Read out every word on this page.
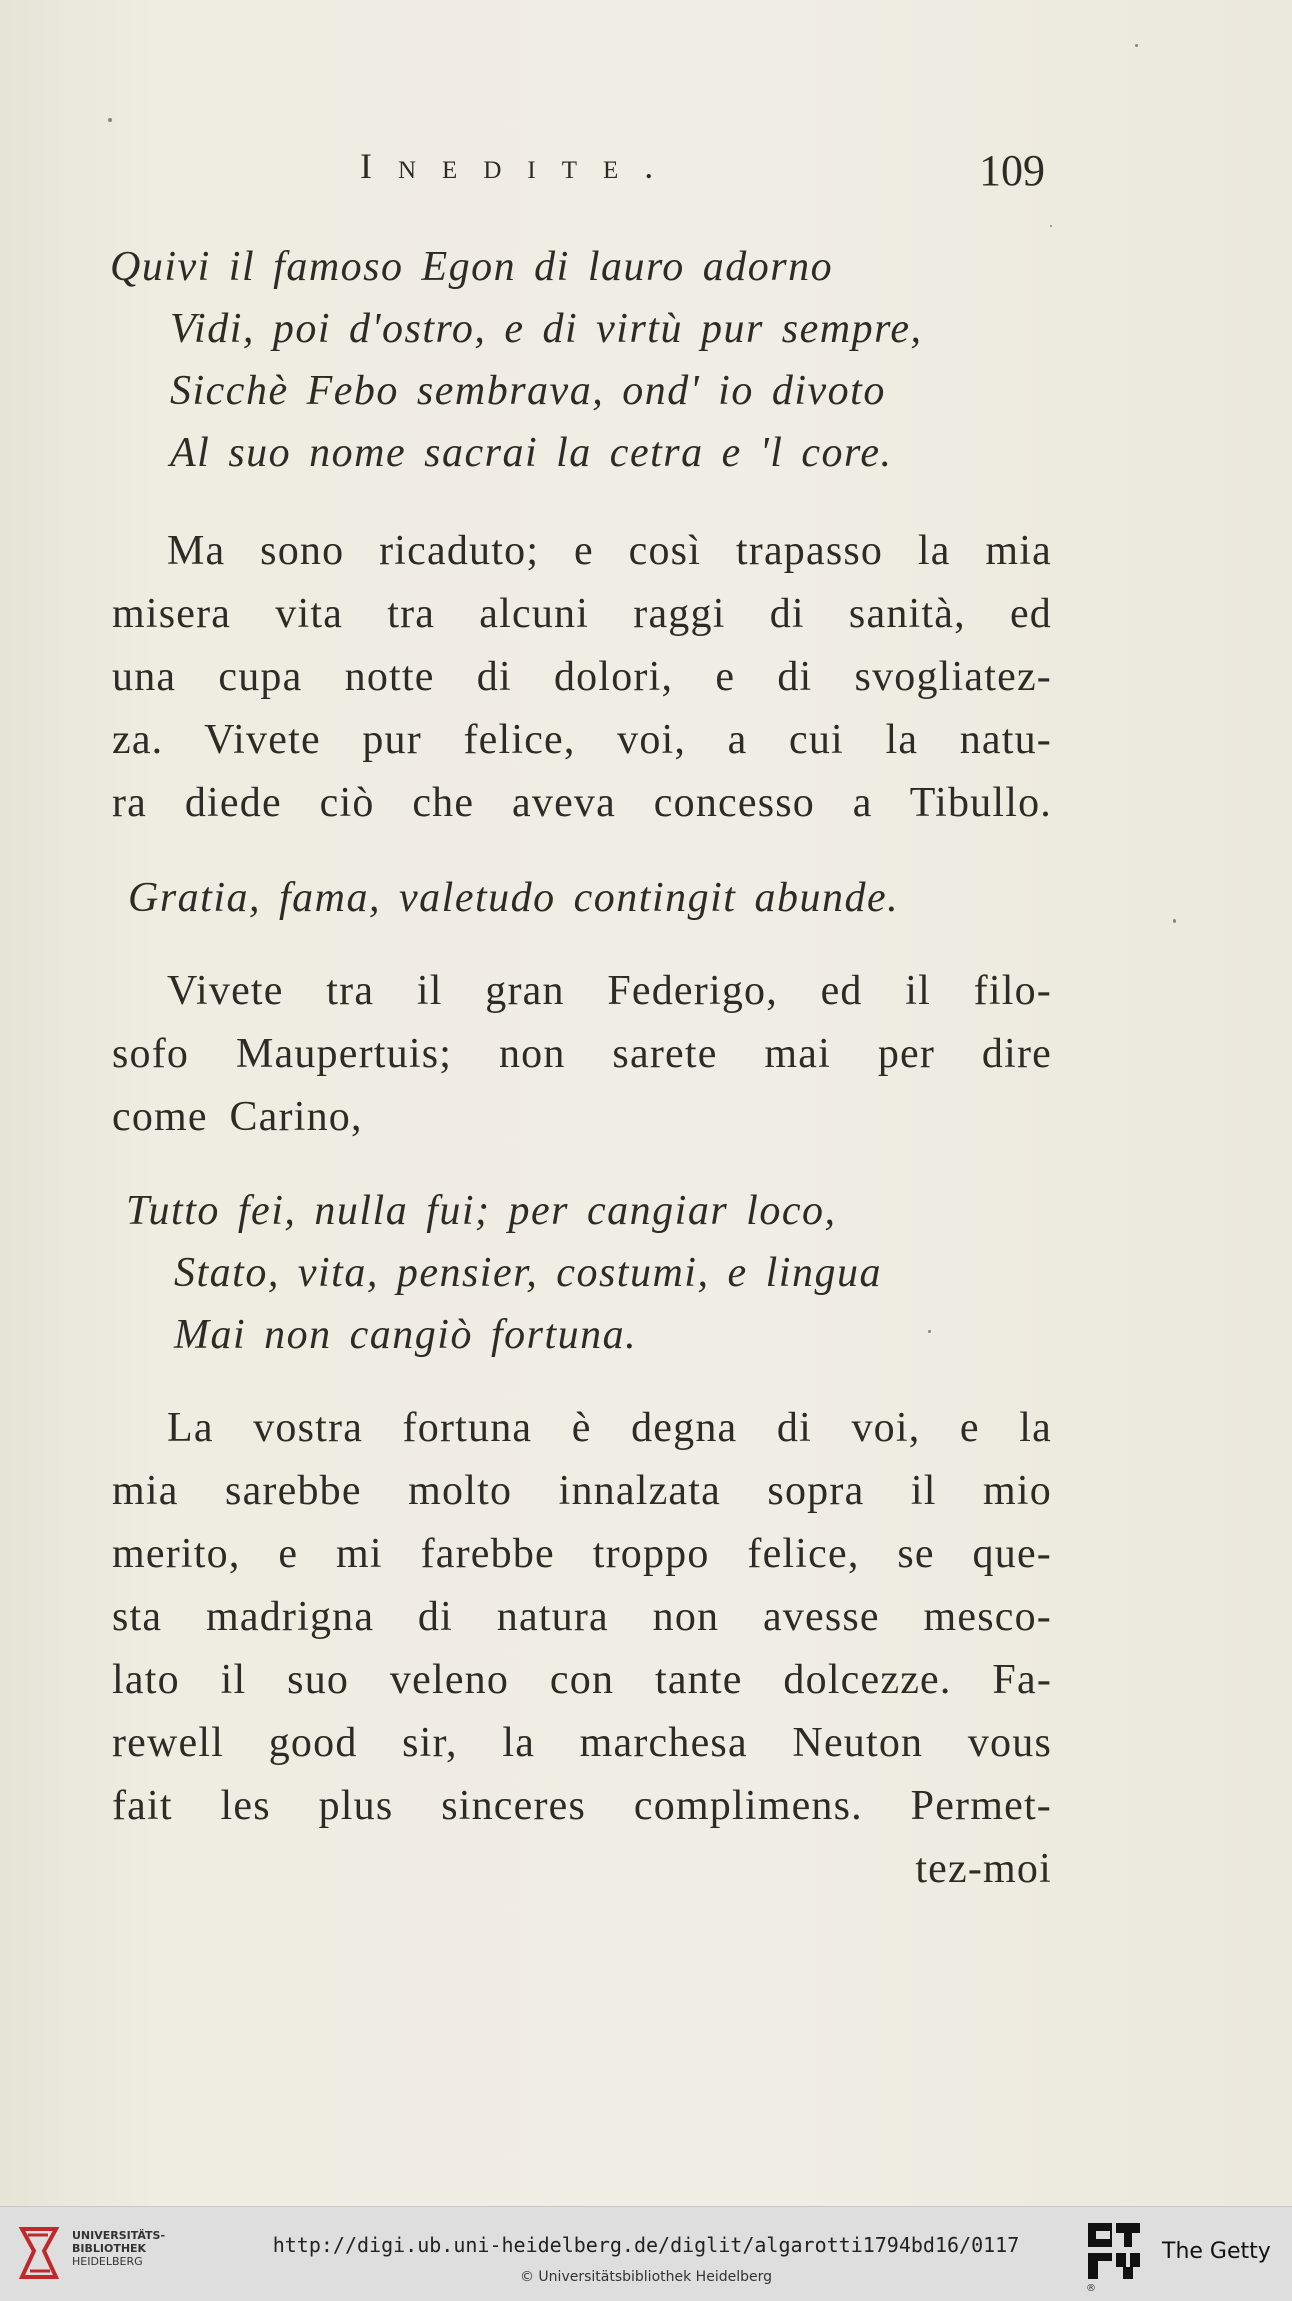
Inedite.	109
Quivi il famoso Egon di lauro adorno
Vidi, poi d'ostro, e di virtù pur sempre,
Sicchè Febo sembrava, ond' io divoto
Al suo nome sacrai la cetra e 'l core.
Ma sono ricaduto; e così trapasso la mia
misera vita tra alcuni raggi di sanità, ed
una cupa notte di dolori, e di svogliatez-
za. Vivete pur felice, voi, a cui la natu-
ra diede ciò che aveva concesso a Tibullo.
Gratia, fama, valetudo contingit abunde.
Vivete tra il gran Federigo, ed il filo-
sofo Maupertuis; non sarete mai per dire
come Carino,
Tutto fei, nulla fui; per cangiar loco,
Stato, vita, pensier, costumi, e lingua
Mai non cangiò fortuna.
La vostra fortuna è degna di voi, e la
mia sarebbe molto innalzata sopra il mio
merito, e mi farebbe troppo felice, se que-
sta madrigna di natura non avesse mesco-
lato il suo veleno con tante dolcezze. Fa-
rewell good sir, la marchesa Neuton vous
fait les plus sinceres complimens. Permet-
tez-moi
UNIVERSITÄTS-
BIBLIOTHEK
HEIDELBERG
http://digi.ub.uni-heidelberg.de/diglit/algarotti1794bd16/0117
© Universitätsbibliothek Heidelberg
®
The Getty
